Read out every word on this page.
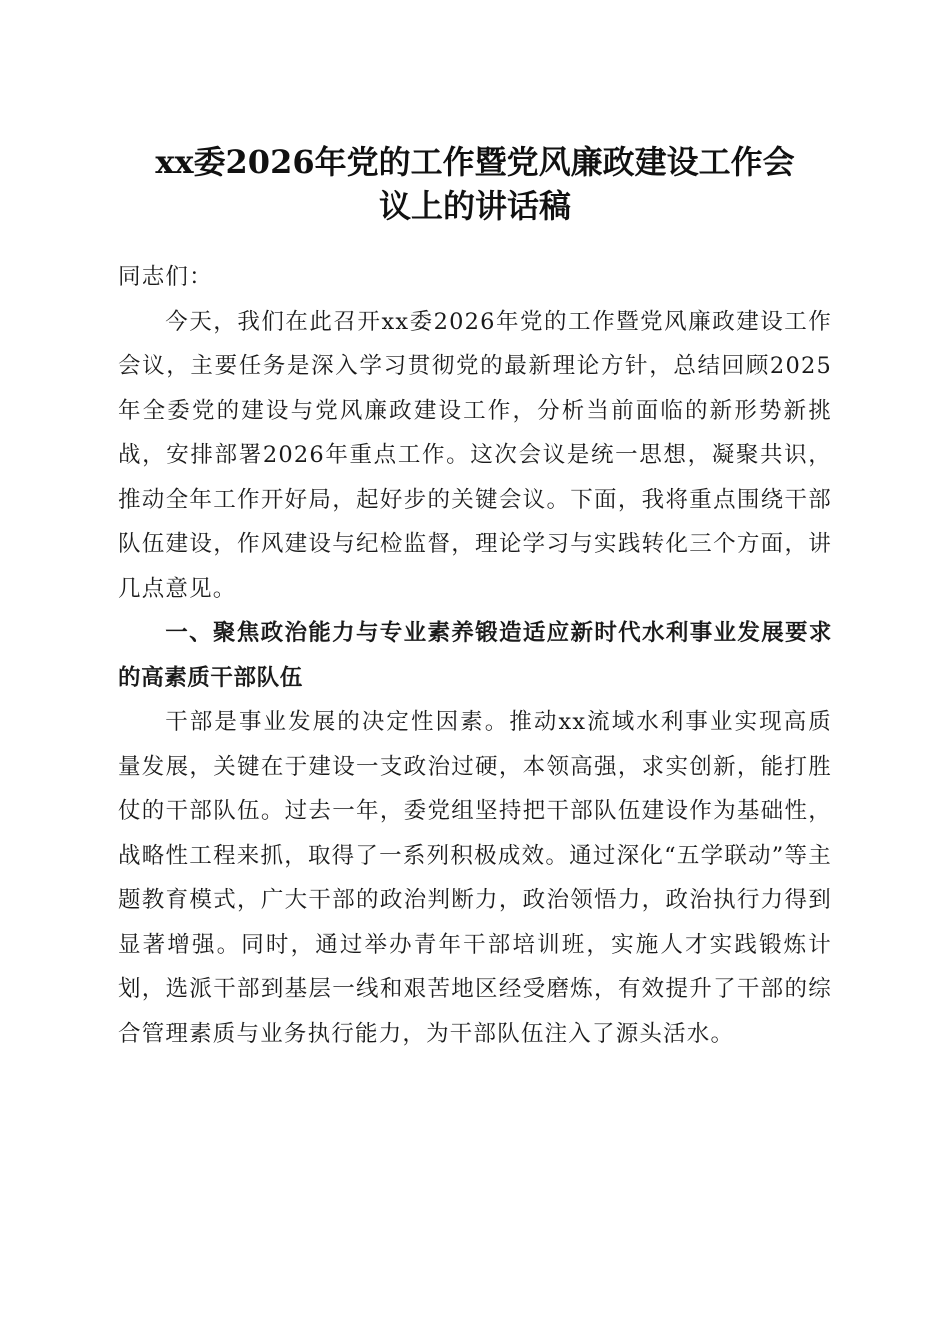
xx委2026年党的工作暨党风廉政建设工作会
议上的讲话稿

同志们：

今天，我们在此召开xx委2026年党的工作暨党风廉政建设工作会议，主要任务是深入学习贯彻党的最新理论方针，总结回顾2025年全委党的建设与党风廉政建设工作，分析当前面临的新形势新挑战，安排部署2026年重点工作。这次会议是统一思想，凝聚共识，推动全年工作开好局，起好步的关键会议。下面，我将重点围绕干部队伍建设，作风建设与纪检监督，理论学习与实践转化三个方面，讲几点意见。

一、聚焦政治能力与专业素养锻造适应新时代水利事业发展要求的高素质干部队伍

干部是事业发展的决定性因素。推动xx流域水利事业实现高质量发展，关键在于建设一支政治过硬，本领高强，求实创新，能打胜仗的干部队伍。过去一年，委党组坚持把干部队伍建设作为基础性，战略性工程来抓，取得了一系列积极成效。通过深化“五学联动”等主题教育模式，广大干部的政治判断力，政治领悟力，政治执行力得到显著增强。同时，通过举办青年干部培训班，实施人才实践锻炼计划，选派干部到基层一线和艰苦地区经受磨炼，有效提升了干部的综合管理素质与业务执行能力，为干部队伍注入了源头活水。
